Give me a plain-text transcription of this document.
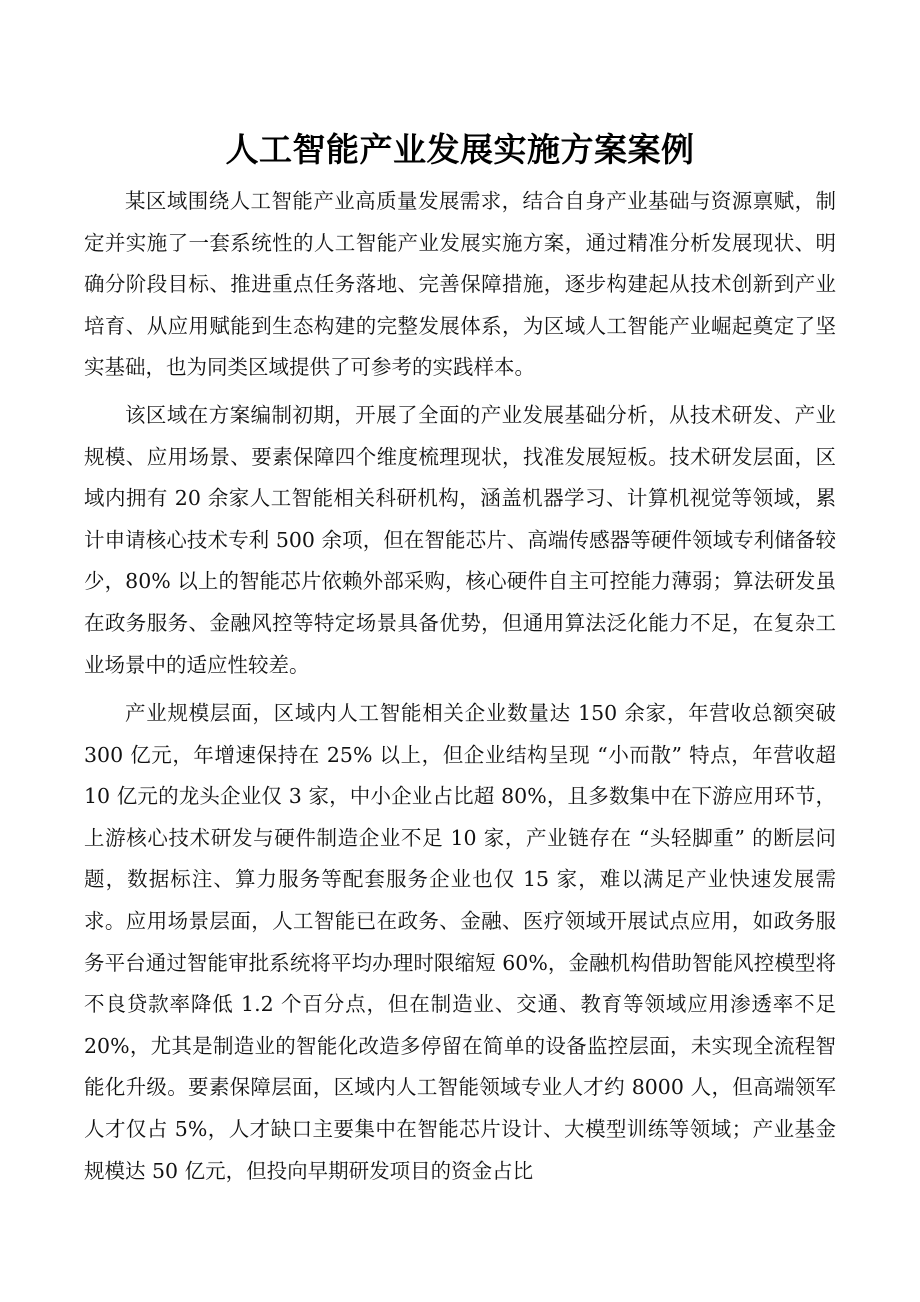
人工智能产业发展实施方案案例

某区域围绕人工智能产业高质量发展需求，结合自身产业基础与资源禀赋，制定并实施了一套系统性的人工智能产业发展实施方案，通过精准分析发展现状、明确分阶段目标、推进重点任务落地、完善保障措施，逐步构建起从技术创新到产业培育、从应用赋能到生态构建的完整发展体系，为区域人工智能产业崛起奠定了坚实基础，也为同类区域提供了可参考的实践样本。

该区域在方案编制初期，开展了全面的产业发展基础分析，从技术研发、产业规模、应用场景、要素保障四个维度梳理现状，找准发展短板。技术研发层面，区域内拥有 20 余家人工智能相关科研机构，涵盖机器学习、计算机视觉等领域，累计申请核心技术专利 500 余项，但在智能芯片、高端传感器等硬件领域专利储备较少，80% 以上的智能芯片依赖外部采购，核心硬件自主可控能力薄弱；算法研发虽在政务服务、金融风控等特定场景具备优势，但通用算法泛化能力不足，在复杂工业场景中的适应性较差。

产业规模层面，区域内人工智能相关企业数量达 150 余家，年营收总额突破 300 亿元，年增速保持在 25% 以上，但企业结构呈现 “小而散” 特点，年营收超 10 亿元的龙头企业仅 3 家，中小企业占比超 80%，且多数集中在下游应用环节，上游核心技术研发与硬件制造企业不足 10 家，产业链存在 “头轻脚重” 的断层问题，数据标注、算力服务等配套服务企业也仅 15 家，难以满足产业快速发展需求。应用场景层面，人工智能已在政务、金融、医疗领域开展试点应用，如政务服务平台通过智能审批系统将平均办理时限缩短 60%，金融机构借助智能风控模型将不良贷款率降低 1.2 个百分点，但在制造业、交通、教育等领域应用渗透率不足 20%，尤其是制造业的智能化改造多停留在简单的设备监控层面，未实现全流程智能化升级。要素保障层面，区域内人工智能领域专业人才约 8000 人，但高端领军人才仅占 5%，人才缺口主要集中在智能芯片设计、大模型训练等领域；产业基金规模达 50 亿元，但投向早期研发项目的资金占比
